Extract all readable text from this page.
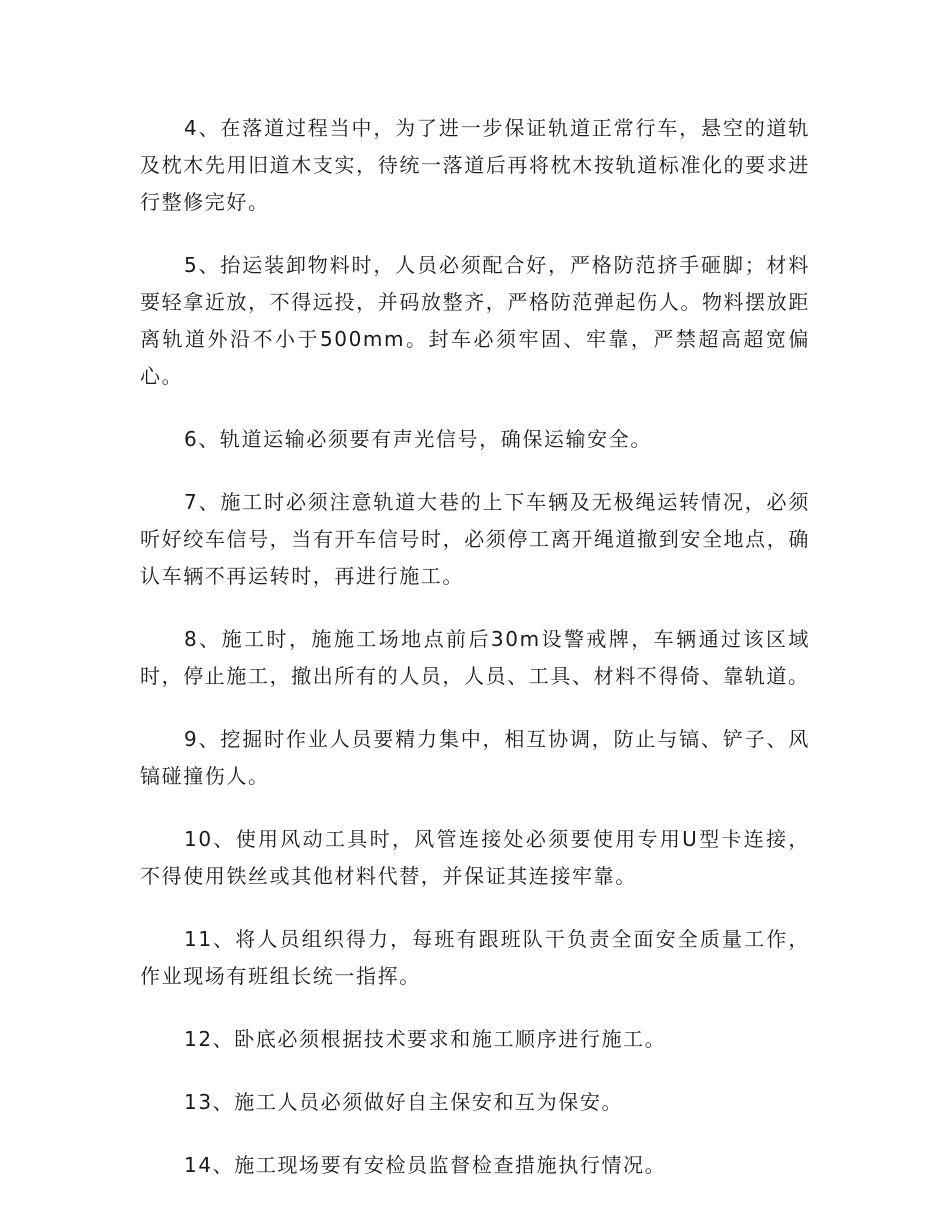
4、在落道过程当中，为了进一步保证轨道正常行车，悬空的道轨及枕木先用旧道木支实，待统一落道后再将枕木按轨道标准化的要求进行整修完好。

5、抬运装卸物料时，人员必须配合好，严格防范挤手砸脚；材料要轻拿近放，不得远投，并码放整齐，严格防范弹起伤人。物料摆放距离轨道外沿不小于500mm。封车必须牢固、牢靠，严禁超高超宽偏心。

6、轨道运输必须要有声光信号，确保运输安全。

7、施工时必须注意轨道大巷的上下车辆及无极绳运转情况，必须听好绞车信号，当有开车信号时，必须停工离开绳道撤到安全地点，确认车辆不再运转时，再进行施工。

8、施工时，施施工场地点前后30m设警戒牌，车辆通过该区域时，停止施工，撤出所有的人员，人员、工具、材料不得倚、靠轨道。

9、挖掘时作业人员要精力集中，相互协调，防止与镐、铲子、风镐碰撞伤人。

10、使用风动工具时，风管连接处必须要使用专用U型卡连接，不得使用铁丝或其他材料代替，并保证其连接牢靠。

11、将人员组织得力，每班有跟班队干负责全面安全质量工作，作业现场有班组长统一指挥。

12、卧底必须根据技术要求和施工顺序进行施工。

13、施工人员必须做好自主保安和互为保安。

14、施工现场要有安检员监督检查措施执行情况。
